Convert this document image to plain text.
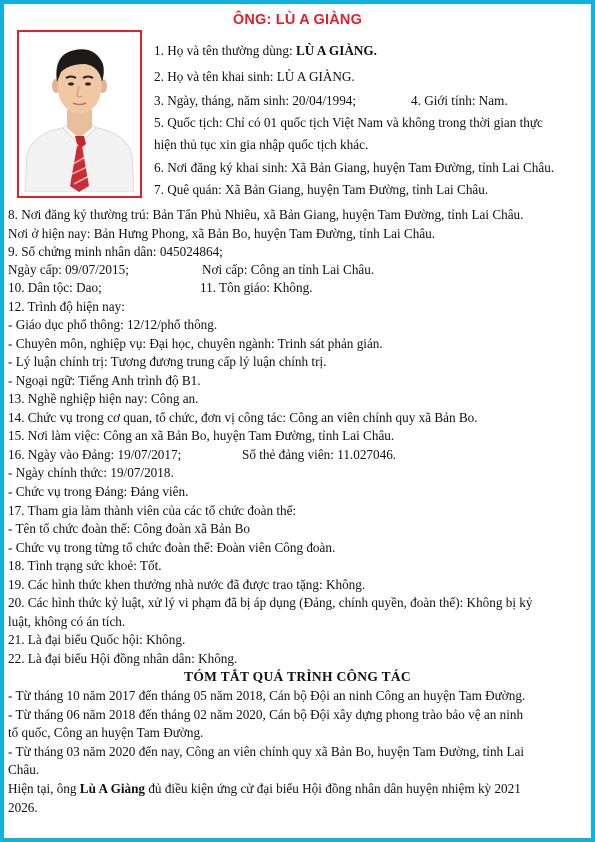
ÔNG: LÙ A GIÀNG
1. Họ và tên thường dùng: LÙ A GIÀNG.
2. Họ và tên khai sinh: LÙ A GIÀNG.
3. Ngày, tháng, năm sinh: 20/04/1994;	4. Giới tính: Nam.
5. Quốc tịch: Chỉ có 01 quốc tịch Việt Nam và không trong thời gian thực
hiện thủ tục xin gia nhập quốc tịch khác.
6. Nơi đăng ký khai sinh: Xã Bản Giang, huyện Tam Đường, tỉnh Lai Châu.
7. Quê quán: Xã Bản Giang, huyện Tam Đường, tỉnh Lai Châu.
8. Nơi đăng ký thường trú: Bản Tẩn Phủ Nhiêu, xã Bản Giang, huyện Tam Đường, tỉnh Lai Châu.
Nơi ở hiện nay: Bản Hưng Phong, xã Bản Bo, huyện Tam Đường, tỉnh Lai Châu.
9. Số chứng minh nhân dân: 045024864;
Ngày cấp: 09/07/2015;	Nơi cấp: Công an tỉnh Lai Châu.
10. Dân tộc: Dao;	11. Tôn giáo: Không.
12. Trình độ hiện nay:
- Giáo dục phổ thông: 12/12/phổ thông.
- Chuyên môn, nghiệp vụ: Đại học, chuyên ngành: Trinh sát phản gián.
- Lý luận chính trị: Tương đương trung cấp lý luận chính trị.
- Ngoại ngữ: Tiếng Anh trình độ B1.
13. Nghề nghiệp hiện nay: Công an.
14. Chức vụ trong cơ quan, tổ chức, đơn vị công tác: Công an viên chính quy xã Bản Bo.
15. Nơi làm việc: Công an xã Bản Bo, huyện Tam Đường, tỉnh Lai Châu.
16. Ngày vào Đảng: 19/07/2017;	Số thẻ đảng viên: 11.027046.
- Ngày chính thức: 19/07/2018.
- Chức vụ trong Đảng: Đảng viên.
17. Tham gia làm thành viên của các tổ chức đoàn thể:
- Tên tổ chức đoàn thể: Công đoàn xã Bản Bo
- Chức vụ trong từng tổ chức đoàn thể: Đoàn viên Công đoàn.
18. Tình trạng sức khoẻ: Tốt.
19. Các hình thức khen thưởng nhà nước đã được trao tặng: Không.
20. Các hình thức kỷ luật, xử lý vi phạm đã bị áp dụng (Đảng, chính quyền, đoàn thể): Không bị kỷ
luật, không có án tích.
21. Là đại biểu Quốc hội: Không.
22. Là đại biểu Hội đồng nhân dân: Không.
TÓM TẮT QUÁ TRÌNH CÔNG TÁC
- Từ tháng 10 năm 2017 đến tháng 05 năm 2018, Cán bộ Đội an ninh Công an huyện Tam Đường.
- Từ tháng 06 năm 2018 đến tháng 02 năm 2020, Cán bộ Đội xây dựng phong trào bảo vệ an ninh
tổ quốc, Công an huyện Tam Đường.
- Từ tháng 03 năm 2020 đến nay, Công an viên chính quy xã Bản Bo, huyện Tam Đường, tỉnh Lai
Châu.
Hiện tại, ông Lù A Giàng đủ điều kiện ứng cử đại biểu Hội đồng nhân dân huyện nhiệm kỳ 2021
2026.
